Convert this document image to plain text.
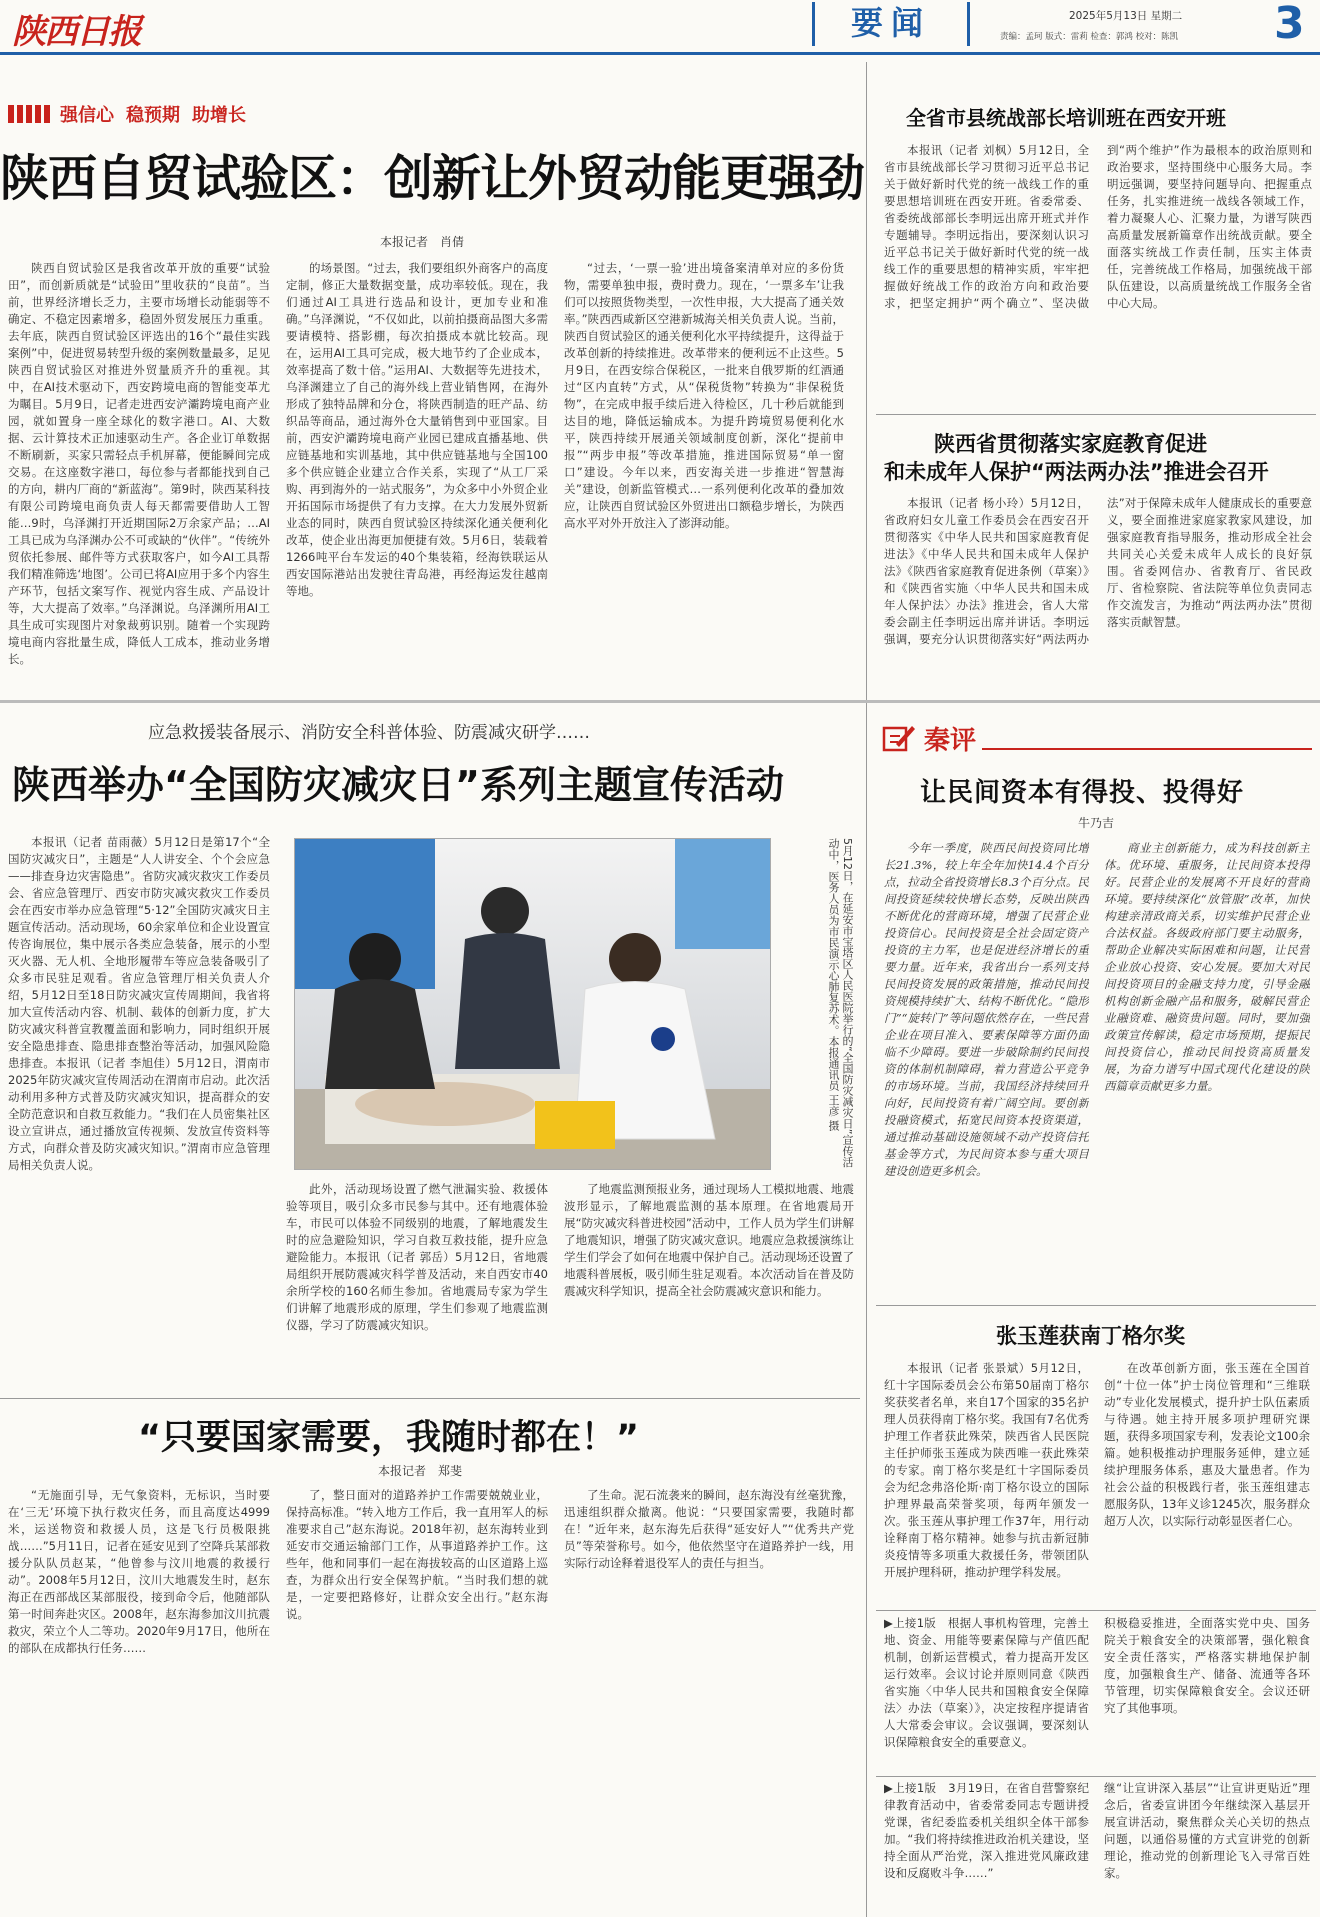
陕西日报	要闻	2025年5月13日 星期二
责编：孟珂 版式：雷莉 检查：郭鸿 校对：陈凯 3
强信心 稳预期 助增长
陕西自贸试验区：创新让外贸动能更强劲
本报记者　肖倩
陕西自贸试验区是我省改革开放的重要“试验田”，而创新质就是“试验田”里收获的“良苗”。当前，世界经济增长乏力，主要市场增长动能弱等不确定、不稳定因素增多，稳固外贸发展压力重重。去年底，陕西自贸试验区评选出的16个“最佳实践案例”中，促进贸易转型升级的案例数量最多，足见陕西自贸试验区对推进外贸量质齐升的重视。其中，在AI技术驱动下，西安跨境电商的智能变革尤为瞩目。5月9日，记者走进西安浐灞跨境电商产业园，就如置身一座全球化的数字港口。AI、大数据、云计算技术正加速驱动生产。各企业订单数据不断刷新，买家只需轻点手机屏幕，便能瞬间完成交易。在这座数字港口，每位参与者都能找到自己的方向，耕内厂商的“新蓝海”。第9时，陕西某科技有限公司跨境电商负责人每天都需要借助人工智能…9时，乌泽渊打开近期国际2万余家产品；…AI工具已成为乌泽渊办公不可或缺的“伙伴”。“传统外贸依托参展、邮件等方式获取客户，如今AI工具帮我们精准筛选‘地图’。公司已将AI应用于多个内容生产环节，包括文案写作、视觉内容生成、产品设计等，大大提高了效率。”乌泽渊说。乌泽渊所用AI工具生成可实现图片对象裁剪识别。随着一个实现跨境电商内容批量生成，降低人工成本，推动业务增长。
的场景图。“过去，我们要组织外商客户的高度定制，修正大量数据变量，成功率较低。现在，我们通过AI工具进行选品和设计，更加专业和准确。”乌泽渊说，“不仅如此，以前拍摄商品图大多需要请模特、搭影棚，每次拍摄成本就比较高。现在，运用AI工具可完成，极大地节约了企业成本，效率提高了数十倍。”运用AI、大数据等先进技术，乌泽渊建立了自己的海外线上营业销售网，在海外形成了独特品牌和分仓，将陕西制造的旺产品、纺织品等商品，通过海外仓大量销售到中亚国家。目前，西安沪灞跨境电商产业园已建成直播基地、供应链基地和实训基地，其中供应链基地与全国100多个供应链企业建立合作关系，实现了“从工厂采购、再到海外的一站式服务”，为众多中小外贸企业开拓国际市场提供了有力支撑。在大力发展外贸新业态的同时，陕西自贸试验区持续深化通关便利化改革，使企业出海更加便捷有效。5月6日，装载着1266吨平台车发运的40个集装箱，经海铁联运从西安国际港站出发驶往青岛港，再经海运发往越南等地。
“过去，‘一票一验’进出境备案清单对应的多份货物，需要单独申报，费时费力。现在，‘一票多车’让我们可以按照货物类型，一次性申报，大大提高了通关效率。”陕西西咸新区空港新城海关相关负责人说。当前，陕西自贸试验区的通关便利化水平持续提升，这得益于改革创新的持续推进。改革带来的便利远不止这些。5月9日，在西安综合保税区，一批来自俄罗斯的红酒通过“区内直转”方式，从“保税货物”转换为“非保税货物”，在完成申报手续后进入待检区，几十秒后就能到达目的地，降低运输成本。为提升跨境贸易便利化水平，陕西持续开展通关领域制度创新，深化“提前申报”“两步申报”等改革措施，推进国际贸易“单一窗口”建设。今年以来，西安海关进一步推进“智慧海关”建设，创新监管模式…一系列便利化改革的叠加效应，让陕西自贸试验区外贸进出口额稳步增长，为陕西高水平对外开放注入了澎湃动能。
全省市县统战部长培训班在西安开班
本报讯（记者 刘枫）5月12日，全省市县统战部长学习贯彻习近平总书记关于做好新时代党的统一战线工作的重要思想培训班在西安开班。省委常委、省委统战部部长李明远出席开班式并作专题辅导。李明远指出，要深刻认识习近平总书记关于做好新时代党的统一战线工作的重要思想的精神实质，牢牢把握做好统战工作的政治方向和政治要求，把坚定拥护“两个确立”、坚决做到“两个维护”作为最根本的政治原则和政治要求，坚持围绕中心服务大局。李明远强调，要坚持问题导向、把握重点任务，扎实推进统一战线各领域工作，着力凝聚人心、汇聚力量，为谱写陕西高质量发展新篇章作出统战贡献。要全面落实统战工作责任制，压实主体责任，完善统战工作格局，加强统战干部队伍建设，以高质量统战工作服务全省中心大局。
陕西省贯彻落实家庭教育促进
和未成年人保护“两法两办法”推进会召开
本报讯（记者 杨小玲）5月12日，省政府妇女儿童工作委员会在西安召开贯彻落实《中华人民共和国家庭教育促进法》《中华人民共和国未成年人保护法》《陕西省家庭教育促进条例（草案）》和《陕西省实施〈中华人民共和国未成年人保护法〉办法》推进会，省人大常委会副主任李明远出席并讲话。李明远强调，要充分认识贯彻落实好“两法两办法”对于保障未成年人健康成长的重要意义，要全面推进家庭家教家风建设，加强家庭教育指导服务，推动形成全社会共同关心关爱未成年人成长的良好氛围。省委网信办、省教育厅、省民政厅、省检察院、省法院等单位负责同志作交流发言，为推动“两法两办法”贯彻落实贡献智慧。
应急救援装备展示、消防安全科普体验、防震减灾研学……
陕西举办“全国防灾减灾日”系列主题宣传活动
本报讯（记者 苗雨薇）5月12日是第17个“全国防灾减灾日”，主题是“人人讲安全、个个会应急——排查身边灾害隐患”。省防灾减灾救灾工作委员会、省应急管理厅、西安市防灾减灾救灾工作委员会在西安市举办应急管理“5·12”全国防灾减灾日主题宣传活动。活动现场，60余家单位和企业设置宣传咨询展位，集中展示各类应急装备，展示的小型灭火器、无人机、全地形履带车等应急装备吸引了众多市民驻足观看。省应急管理厅相关负责人介绍，5月12日至18日防灾减灾宣传周期间，我省将加大宣传活动内容、机制、载体的创新力度，扩大防灾减灾科普宣教覆盖面和影响力，同时组织开展安全隐患排查、隐患排查整治等活动，加强风险隐患排查。本报讯（记者 李旭佳）5月12日，渭南市2025年防灾减灾宣传周活动在渭南市启动。此次活动利用多种方式普及防灾减灾知识，提高群众的安全防范意识和自救互救能力。“我们在人员密集社区设立宣讲点，通过播放宣传视频、发放宣传资料等方式，向群众普及防灾减灾知识。”渭南市应急管理局相关负责人说。	5月12日，在延安市宝塔区人民医院举行的“全国防灾减灾日”宣传活动中，医务人员为市民演示心肺复苏术。本报通讯员 王彦 摄
此外，活动现场设置了燃气泄漏实验、救援体验等项目，吸引众多市民参与其中。还有地震体验车，市民可以体验不同级别的地震，了解地震发生时的应急避险知识，学习自救互救技能，提升应急避险能力。本报讯（记者 郭岳）5月12日，省地震局组织开展防震减灾科学普及活动，来自西安市40余所学校的160名师生参加。省地震局专家为学生们讲解了地震形成的原理，学生们参观了地震监测仪器，学习了防震减灾知识。
了地震监测预报业务，通过现场人工模拟地震、地震波形显示，了解地震监测的基本原理。在省地震局开展“防灾减灾科普进校园”活动中，工作人员为学生们讲解了地震知识，增强了防灾减灾意识。地震应急救援演练让学生们学会了如何在地震中保护自己。活动现场还设置了地震科普展板，吸引师生驻足观看。本次活动旨在普及防震减灾科学知识，提高全社会防震减灾意识和能力。
“只要国家需要，我随时都在！”
本报记者　郑斐
“无施面引导，无气象资料，无标识，当时要在‘三无’环境下执行救灾任务，而且高度达4999米，运送物资和救援人员，这是飞行员极限挑战……”5月11日，记者在延安见到了空降兵某部救援分队队员赵某，“他曾参与汶川地震的救援行动”。2008年5月12日，汶川大地震发生时，赵东海正在西部战区某部服役，接到命令后，他随部队第一时间奔赴灾区。2008年，赵东海参加汶川抗震救灾，荣立个人二等功。2020年9月17日，他所在的部队在成都执行任务……
了，整日面对的道路养护工作需要兢兢业业，保持高标准。“转入地方工作后，我一直用军人的标准要求自己”赵东海说。2018年初，赵东海转业到延安市交通运输部门工作，从事道路养护工作。这些年，他和同事们一起在海拔较高的山区道路上巡查，为群众出行安全保驾护航。“当时我们想的就是，一定要把路修好，让群众安全出行。”赵东海说。
了生命。泥石流袭来的瞬间，赵东海没有丝毫犹豫，迅速组织群众撤离。他说：“只要国家需要，我随时都在！”近年来，赵东海先后获得“延安好人”“优秀共产党员”等荣誉称号。如今，他依然坚守在道路养护一线，用实际行动诠释着退役军人的责任与担当。
秦评
让民间资本有得投、投得好
牛乃吉
今年一季度，陕西民间投资同比增长21.3%，较上年全年加快14.4个百分点，拉动全省投资增长8.3个百分点。民间投资延续较快增长态势，反映出陕西不断优化的营商环境，增强了民营企业投资信心。民间投资是全社会固定资产投资的主力军，也是促进经济增长的重要力量。近年来，我省出台一系列支持民间投资发展的政策措施，推动民间投资规模持续扩大、结构不断优化。“隐形门”“旋转门”等问题依然存在，一些民营企业在项目准入、要素保障等方面仍面临不少障碍。要进一步破除制约民间投资的体制机制障碍，着力营造公平竞争的市场环境。当前，我国经济持续回升向好，民间投资有着广阔空间。要创新投融资模式，拓宽民间资本投资渠道，通过推动基础设施领域不动产投资信托基金等方式，为民间资本参与重大项目建设创造更多机会。
商业主创新能力，成为科技创新主体。优环境、重服务，让民间资本投得好。民营企业的发展离不开良好的营商环境。要持续深化“放管服”改革，加快构建亲清政商关系，切实维护民营企业合法权益。各级政府部门要主动服务，帮助企业解决实际困难和问题，让民营企业放心投资、安心发展。要加大对民间投资项目的金融支持力度，引导金融机构创新金融产品和服务，破解民营企业融资难、融资贵问题。同时，要加强政策宣传解读，稳定市场预期，提振民间投资信心，推动民间投资高质量发展，为奋力谱写中国式现代化建设的陕西篇章贡献更多力量。
张玉莲获南丁格尔奖
本报讯（记者 张景斌）5月12日，红十字国际委员会公布第50届南丁格尔奖获奖者名单，来自17个国家的35名护理人员获得南丁格尔奖。我国有7名优秀护理工作者获此殊荣，陕西省人民医院主任护师张玉莲成为陕西唯一获此殊荣的专家。南丁格尔奖是红十字国际委员会为纪念弗洛伦斯·南丁格尔设立的国际护理界最高荣誉奖项，每两年颁发一次。张玉莲从事护理工作37年，用行动诠释南丁格尔精神。她参与抗击新冠肺炎疫情等多项重大救援任务，带领团队开展护理科研，推动护理学科发展。
在改革创新方面，张玉莲在全国首创“十位一体”护士岗位管理和“三维联动”专业化发展模式，提升护士队伍素质与待遇。她主持开展多项护理研究课题，获得多项国家专利，发表论文100余篇。她积极推动护理服务延伸，建立延续护理服务体系，惠及大量患者。作为社会公益的积极践行者，张玉莲组建志愿服务队，13年义诊1245次，服务群众超万人次，以实际行动彰显医者仁心。
▶上接1版　根据人事机构管理，完善土地、资金、用能等要素保障与产值匹配机制，创新运营模式，着力提高开发区运行效率。会议讨论并原则同意《陕西省实施〈中华人民共和国粮食安全保障法〉办法（草案）》，决定按程序提请省人大常委会审议。会议强调，要深刻认识保障粮食安全的重要意义。
积极稳妥推进，全面落实党中央、国务院关于粮食安全的决策部署，强化粮食安全责任落实，严格落实耕地保护制度，加强粮食生产、储备、流通等各环节管理，切实保障粮食安全。会议还研究了其他事项。
▶上接1版　3月19日，在省自营警察纪律教育活动中，省委常委同志专题讲授党课，省纪委监委机关组织全体干部参加。“我们将持续推进政治机关建设，坚持全面从严治党，深入推进党风廉政建设和反腐败斗争……”
继“让宣讲深入基层”“让宣讲更贴近”理念后，省委宣讲团今年继续深入基层开展宣讲活动，聚焦群众关心关切的热点问题，以通俗易懂的方式宣讲党的创新理论，推动党的创新理论飞入寻常百姓家。
